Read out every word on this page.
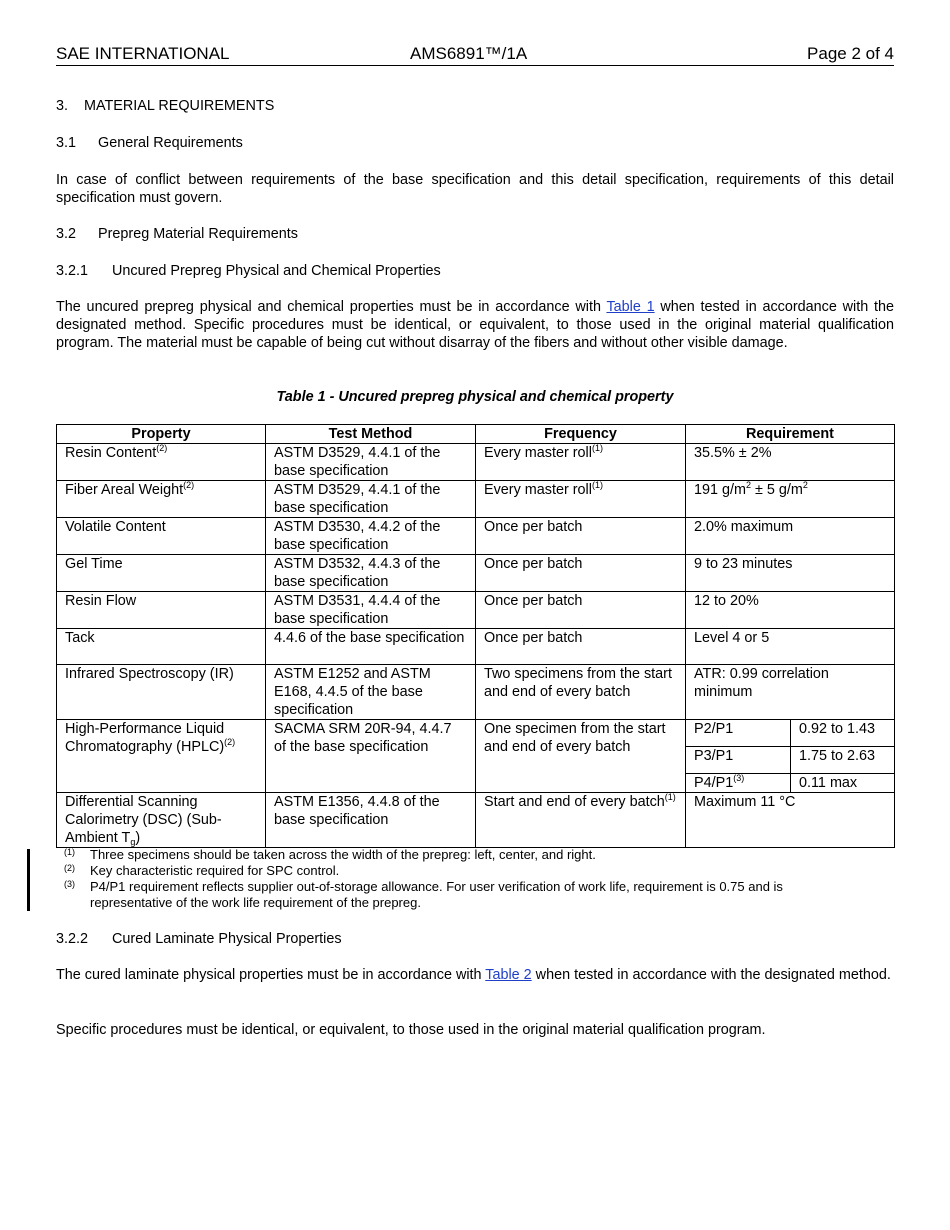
SAE INTERNATIONAL	AMS6891™/1A	Page 2 of 4
3. MATERIAL REQUIREMENTS
3.1 General Requirements
In case of conflict between requirements of the base specification and this detail specification, requirements of this detail specification must govern.
3.2 Prepreg Material Requirements
3.2.1 Uncured Prepreg Physical and Chemical Properties
The uncured prepreg physical and chemical properties must be in accordance with Table 1 when tested in accordance with the designated method. Specific procedures must be identical, or equivalent, to those used in the original material qualification program. The material must be capable of being cut without disarray of the fibers and without other visible damage.
Table 1 - Uncured prepreg physical and chemical property
Property	Test Method	Frequency	Requirement	
Resin Content$^{(2)}$	ASTM D3529, 4.4.1 of the base specification	Every master roll$^{(1)}$	35.5% ± 2%	
Fiber Areal Weight$^{(2)}$	ASTM D3529, 4.4.1 of the base specification	Every master roll$^{(1)}$	191 $g/m^2 \pm 5$ $g/m^2$
Volatile Content	ASTM D3530, 4.4.2 of the base specification	Once per batch	2.0% maximum	
Gel Time	ASTM D3532, 4.4.3 of the base specification	Once per batch	9 to 23 minutes	
Resin Flow	ASTM D3531, 4.4.4 of the base specification	Once per batch	12 to 20%	
Tack	4.4.6 of the base specification	Once per batch	Level 4 or 5	
Infrared Spectroscopy (IR)	ASTM E1252 and ASTM E168, 4.4.5 of the base specification	Two specimens from the start and end of every batch	ATR: 0.99 correlation minimum	
High-Performance Liquid Chromatography (HPLC)$^{(2)}$	SACMA SRM 20R-94, 4.4.7 of the base specification	One specimen from the start and end of every batch	P2/P1	0.92 to 1.43
			P3/P1	1.75 to 2.63
			P4/P1$^{(3)}$	0.11 max
Differential Scanning Calorimetry (DSC) (Sub-Ambient $T_g$)	ASTM E1356, 4.4.8 of the base specification	Start and end of every batch$^{(1)}$	Maximum 11 °C	
(1) Three specimens should be taken across the width of the prepreg: left, center, and right.
(2) Key characteristic required for SPC control.
(3) P4/P1 requirement reflects supplier out-of-storage allowance. For user verification of work life, requirement is 0.75 and is representative of the work life requirement of the prepreg.
3.2.2 Cured Laminate Physical Properties
The cured laminate physical properties must be in accordance with Table 2 when tested in accordance with the designated method.
Specific procedures must be identical, or equivalent, to those used in the original material qualification program.
